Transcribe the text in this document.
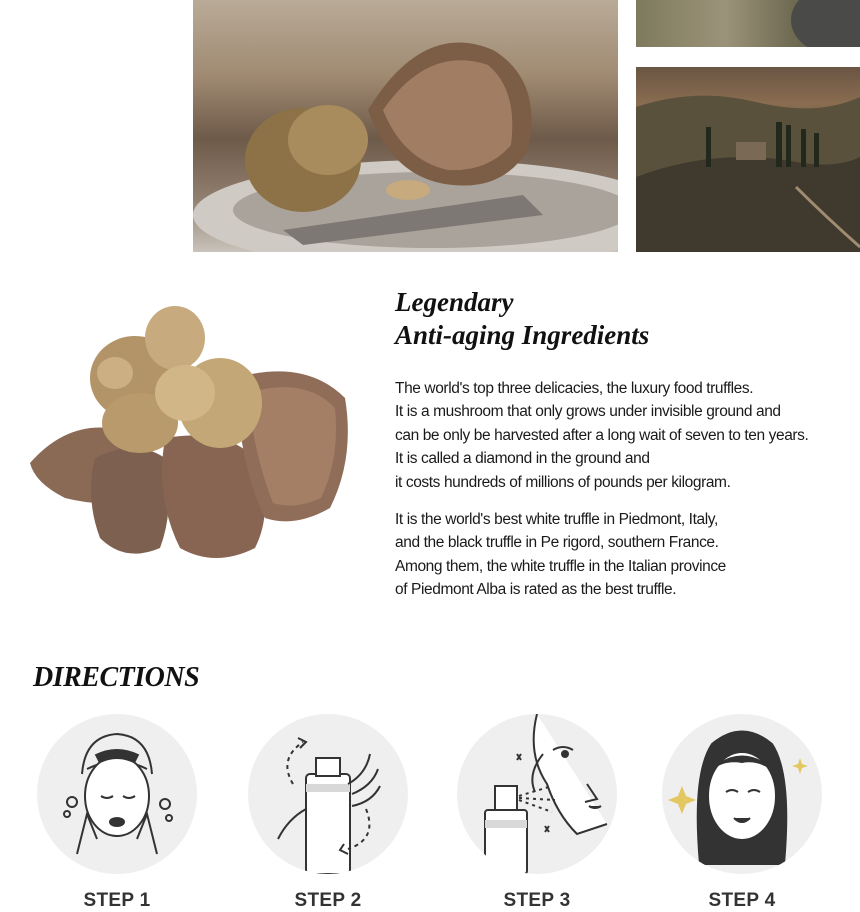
Legendary
Anti-aging Ingredients

The world's top three delicacies, the luxury food truffles.
It is a mushroom that only grows under invisible ground and
can be only be harvested after a long wait of seven to ten years.
It is called a diamond in the ground and
it costs hundreds of millions of pounds per kilogram.

It is the world's best white truffle in Piedmont, Italy,
and the black truffle in Pe rigord, southern France.
Among them, the white truffle in the Italian province
of Piedmont Alba is rated as the best truffle.

DIRECTIONS
STEP 1	STEP 2	STEP 3	STEP 4
